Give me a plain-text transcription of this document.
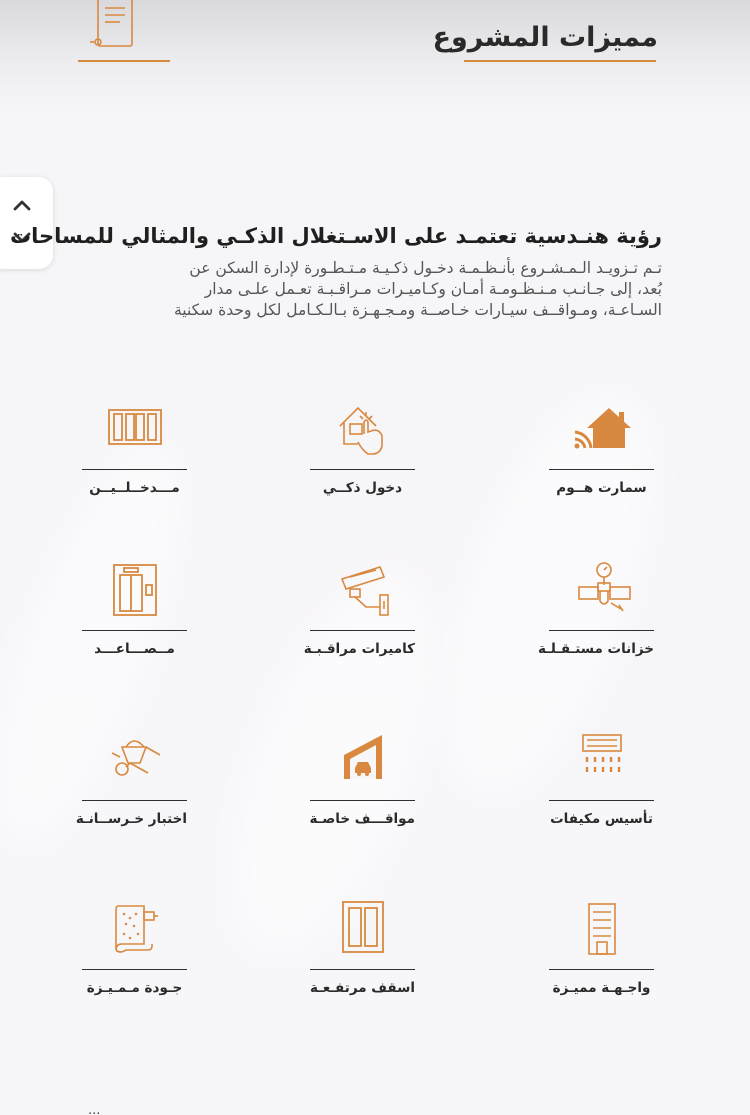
مميزات المشروع
رؤية هنـدسية تعتمـد على الاسـتغلال الذكـي والمثالي للمساحات
تـم تـزويـد الـمـشـروع بأنـظـمـة دخـول ذكـيـة مـتـطـورة لإدارة السكن عن
بُعد، إلى جـانـب مـنـظـومـة أمـان وكـاميـرات مـراقـبـة تعـمل علـى مدار
السـاعـة، ومـواقــف سيـارات خـاصــة ومـجـهـزة بـالـكـامل لكل وحدة سكنية
سمارت هــوم
دخول ذكــي
مـــدخــلــيــن
خزانات مستـقـلـة
كاميرات مراقـبـة
مــصـــاعـــد
تأسيس مكيفات
مواقـــف خاصـة
اختبار خـرســانـة
واجـهـة مميـزة
اسقف مرتفـعـة
جـودة مـمـيـزة
...
